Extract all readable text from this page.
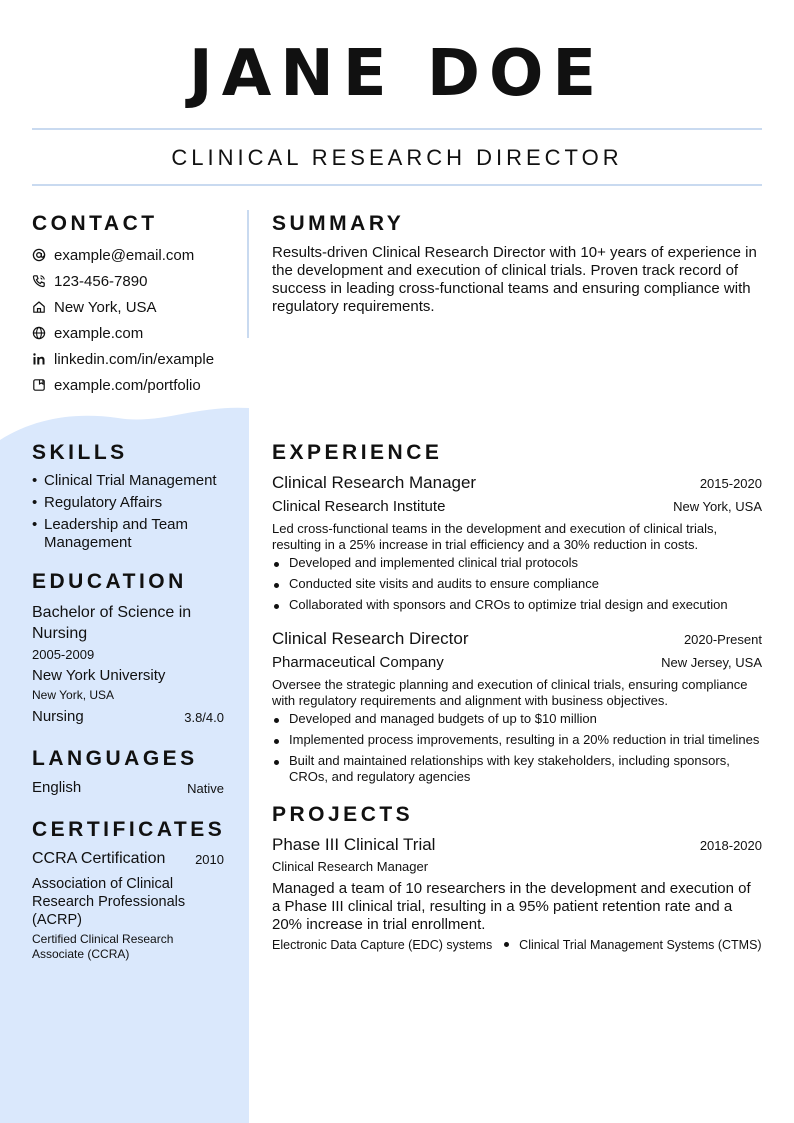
JANE DOE
CLINICAL RESEARCH DIRECTOR
CONTACT
example@email.com
123-456-7890
New York, USA
example.com
linkedin.com/in/example
example.com/portfolio
SUMMARY
Results-driven Clinical Research Director with 10+ years of experience in the development and execution of clinical trials. Proven track record of success in leading cross-functional teams and ensuring compliance with regulatory requirements.
SKILLS
• Clinical Trial Management
• Regulatory Affairs
• Leadership and Team Management
EDUCATION
Bachelor of Science in Nursing
2005-2009
New York University
New York, USA
Nursing	3.8/4.0
LANGUAGES
English	Native
CERTIFICATES
CCRA Certification	2010
Association of Clinical Research Professionals (ACRP)
Certified Clinical Research Associate (CCRA)
EXPERIENCE
Clinical Research Manager	2015-2020
Clinical Research Institute	New York, USA
Led cross-functional teams in the development and execution of clinical trials, resulting in a 25% increase in trial efficiency and a 30% reduction in costs.
Developed and implemented clinical trial protocols
Conducted site visits and audits to ensure compliance
Collaborated with sponsors and CROs to optimize trial design and execution
Clinical Research Director	2020-Present
Pharmaceutical Company	New Jersey, USA
Oversee the strategic planning and execution of clinical trials, ensuring compliance with regulatory requirements and alignment with business objectives.
Developed and managed budgets of up to $10 million
Implemented process improvements, resulting in a 20% reduction in trial timelines
Built and maintained relationships with key stakeholders, including sponsors, CROs, and regulatory agencies
PROJECTS
Phase III Clinical Trial	2018-2020
Clinical Research Manager
Managed a team of 10 researchers in the development and execution of a Phase III clinical trial, resulting in a 95% patient retention rate and a 20% increase in trial enrollment.
Electronic Data Capture (EDC) systems Clinical Trial Management Systems (CTMS)
